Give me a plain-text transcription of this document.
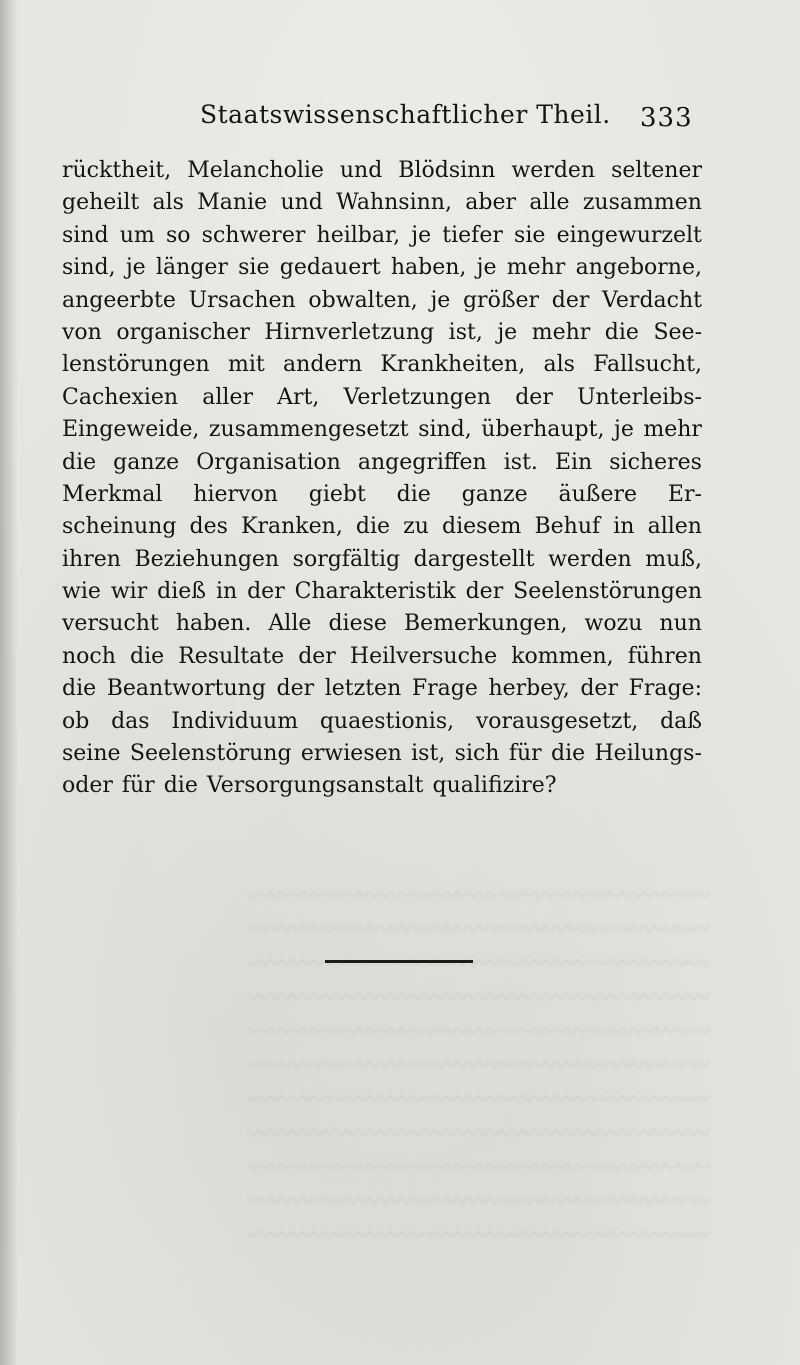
〰〰〰〰〰〰〰〰〰〰〰〰〰〰〰〰〰〰〰〰〰
〰〰〰〰〰〰〰〰〰〰〰〰〰〰〰〰〰〰〰〰〰
〰〰〰〰〰〰〰〰〰〰〰〰〰〰〰〰〰〰〰〰〰
〰〰〰〰〰〰〰〰〰〰〰〰〰〰〰〰〰〰〰〰〰
〰〰〰〰〰〰〰〰〰〰〰〰〰〰〰〰〰〰〰〰〰
〰〰〰〰〰〰〰〰〰〰〰〰〰〰〰〰〰〰〰〰〰
〰〰〰〰〰〰〰〰〰〰〰〰〰〰〰〰〰〰〰〰〰
〰〰〰〰〰〰〰〰〰〰〰〰〰〰〰〰〰〰〰〰〰
〰〰〰〰〰〰〰〰〰〰〰〰〰〰〰〰〰〰〰〰〰
〰〰〰〰〰〰〰〰〰〰〰〰〰〰〰〰〰〰〰〰〰
〰〰〰〰〰〰〰〰〰〰〰〰〰〰〰〰〰〰〰〰〰
Staatswissenschaftlicher Theil. 333
rücktheit, Melancholie und Blödsinn werden seltener
geheilt als Manie und Wahnsinn, aber alle zusammen
sind um so schwerer heilbar, je tiefer sie eingewurzelt
sind, je länger sie gedauert haben, je mehr angeborne,
angeerbte Ursachen obwalten, je größer der Verdacht
von organischer Hirnverletzung ist, je mehr die See-
lenstörungen mit andern Krankheiten, als Fallsucht,
Cachexien aller Art, Verletzungen der Unterleibs-
Eingeweide, zusammengesetzt sind, überhaupt, je mehr
die ganze Organisation angegriffen ist. Ein sicheres
Merkmal hiervon giebt die ganze äußere Er-
scheinung des Kranken, die zu diesem Behuf in allen
ihren Beziehungen sorgfältig dargestellt werden muß,
wie wir dieß in der Charakteristik der Seelenstörungen
versucht haben. Alle diese Bemerkungen, wozu nun
noch die Resultate der Heilversuche kommen, führen
die Beantwortung der letzten Frage herbey, der Frage:
ob das Individuum quaestionis, vorausgesetzt, daß
seine Seelenstörung erwiesen ist, sich für die Heilungs-
oder für die Versorgungsanstalt qualifizire?
